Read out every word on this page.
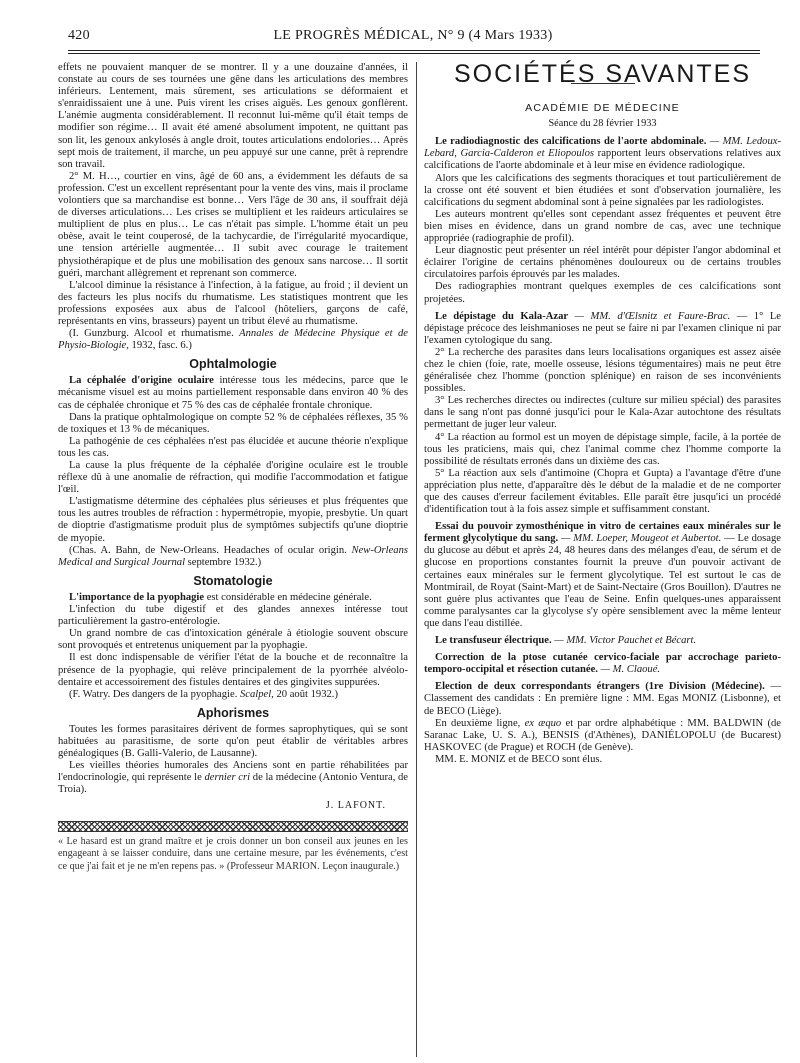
420	LE PROGRÈS MÉDICAL, N° 9 (4 Mars 1933)

effets ne pouvaient manquer de se montrer. Il y a une douzaine d'années, il constate au cours de ses tournées une gêne dans les articulations des membres inférieurs. Lentement, mais sûrement, ses articulations se déformaient et s'enraidissaient une à une. Puis virent les crises aiguës. Les genoux gonflèrent. L'anémie augmenta considérablement. Il reconnut lui-même qu'il était temps de modifier son régime… Il avait été amené absolument impotent, ne quittant pas son lit, les genoux ankylosés à angle droit, toutes articulations endolories… Après sept mois de traitement, il marche, un peu appuyé sur une canne, prêt à reprendre son travail.

2° M. H…, courtier en vins, âgé de 60 ans, a évidemment les défauts de sa profession. C'est un excellent représentant pour la vente des vins, mais il proclame volontiers que sa marchandise est bonne… Vers l'âge de 30 ans, il souffrait déjà de diverses articulations… Les crises se multiplient et les raideurs articulaires se multiplient de plus en plus… Le cas n'était pas simple. L'homme était un peu obèse, avait le teint couperosé, de la tachycardie, de l'irrégularité myocardique, une tension artérielle augmentée… Il subit avec courage le traitement physiothérapique et de plus une mobilisation des genoux sans narcose… Il sortit guéri, marchant allègrement et reprenant son commerce.

L'alcool diminue la résistance à l'infection, à la fatigue, au froid ; il devient un des facteurs les plus nocifs du rhumatisme. Les statistiques montrent que les professions exposées aux abus de l'alcool (hôteliers, garçons de café, représentants en vins, brasseurs) payent un tribut élevé au rhumatisme.

(I. Gunzburg. Alcool et rhumatisme. Annales de Médecine Physique et de Physio-Biologie, 1932, fasc. 6.)

Ophtalmologie

La céphalée d'origine oculaire intéresse tous les médecins, parce que le mécanisme visuel est au moins partiellement responsable dans environ 40 % des cas de céphalée chronique et 75 % des cas de céphalée frontale chronique.

Dans la pratique ophtalmologique on compte 52 % de céphalées réflexes, 35 % de toxiques et 13 % de mécaniques.

La pathogénie de ces céphalées n'est pas élucidée et aucune théorie n'explique tous les cas.

La cause la plus fréquente de la céphalée d'origine oculaire est le trouble réflexe dû à une anomalie de réfraction, qui modifie l'accommodation et fatigue l'œil.

L'astigmatisme détermine des céphalées plus sérieuses et plus fréquentes que tous les autres troubles de réfraction : hypermétropie, myopie, presbytie. Un quart de dioptrie d'astigmatisme produit plus de symptômes subjectifs qu'une dioptrie de myopie.

(Chas. A. Bahn, de New-Orleans. Headaches of ocular origin. New-Orleans Medical and Surgical Journal septembre 1932.)

Stomatologie

L'importance de la pyophagie est considérable en médecine générale.

L'infection du tube digestif et des glandes annexes intéresse tout particulièrement la gastro-entérologie.

Un grand nombre de cas d'intoxication générale à étiologie souvent obscure sont provoqués et entretenus uniquement par la pyophagie.

Il est donc indispensable de vérifier l'état de la bouche et de reconnaître la présence de la pyophagie, qui relève principalement de la pyorrhée alvéolo-dentaire et accessoirement des fistules dentaires et des gingivites suppurées.

(F. Watry. Des dangers de la pyophagie. Scalpel, 20 août 1932.)

Aphorismes

Toutes les formes parasitaires dérivent de formes saprophytiques, qui se sont habituées au parasitisme, de sorte qu'on peut établir de véritables arbres généalogiques (B. Galli-Valerio, de Lausanne).

Les vieilles théories humorales des Anciens sont en partie réhabilitées par l'endocrinologie, qui représente le dernier cri de la médecine (Antonio Ventura, de Troia).

J. LAFONT.

« Le hasard est un grand maître et je crois donner un bon conseil aux jeunes en les engageant à se laisser conduire, dans une certaine mesure, par les événements, c'est ce que j'ai fait et je ne m'en repens pas. » (Professeur MARION. Leçon inaugurale.)

SOCIÉTÉS SAVANTES
ACADÉMIE DE MÉDECINE
Séance du 28 février 1933

Le radiodiagnostic des calcifications de l'aorte abdominale. — MM. Ledoux-Lebard, Garcia-Calderon et Eliopoulos rapportent leurs observations relatives aux calcifications de l'aorte abdominale et à leur mise en évidence radiologique.

Alors que les calcifications des segments thoraciques et tout particulièrement de la crosse ont été souvent et bien étudiées et sont d'observation journalière, les calcifications du segment abdominal sont à peine signalées par les radiologistes.

Les auteurs montrent qu'elles sont cependant assez fréquentes et peuvent être bien mises en évidence, dans un grand nombre de cas, avec une technique appropriée (radiographie de profil).

Leur diagnostic peut présenter un réel intérêt pour dépister l'angor abdominal et éclairer l'origine de certains phénomènes douloureux ou de certains troubles circulatoires parfois éprouvés par les malades.

Des radiographies montrant quelques exemples de ces calcifications sont projetées.

Le dépistage du Kala-Azar — MM. d'Œlsnitz et Faure-Brac. — 1° Le dépistage précoce des leishmanioses ne peut se faire ni par l'examen clinique ni par l'examen cytologique du sang.

2° La recherche des parasites dans leurs localisations organiques est assez aisée chez le chien (foie, rate, moelle osseuse, lésions tégumentaires) mais ne peut être généralisée chez l'homme (ponction splénique) en raison de ses inconvénients possibles.

3° Les recherches directes ou indirectes (culture sur milieu spécial) des parasites dans le sang n'ont pas donné jusqu'ici pour le Kala-Azar autochtone des résultats permettant de juger leur valeur.

4° La réaction au formol est un moyen de dépistage simple, facile, à la portée de tous les praticiens, mais qui, chez l'animal comme chez l'homme comporte la possibilité de résultats erronés dans un dixième des cas.

5° La réaction aux sels d'antimoine (Chopra et Gupta) a l'avantage d'être d'une appréciation plus nette, d'apparaître dès le début de la maladie et de ne comporter que des causes d'erreur facilement évitables. Elle paraît être jusqu'ici un procédé d'identification tout à la fois assez simple et suffisamment constant.

Essai du pouvoir zymosthénique in vitro de certaines eaux minérales sur le ferment glycolytique du sang. — MM. Loeper, Mougeot et Aubertot. — Le dosage du glucose au début et après 24, 48 heures dans des mélanges d'eau, de sérum et de glucose en proportions constantes fournit la preuve d'un pouvoir activant de certaines eaux minérales sur le ferment glycolytique. Tel est surtout le cas de Montmirail, de Royat (Saint-Mart) et de Saint-Nectaire (Gros Bouillon). D'autres ne sont guère plus activantes que l'eau de Seine. Enfin quelques-unes apparaissent comme paralysantes car la glycolyse s'y opère sensiblement avec la même lenteur que dans l'eau distillée.

Le transfuseur électrique. — MM. Victor Pauchet et Bécart.

Correction de la ptose cutanée cervico-faciale par accrochage parieto-temporo-occipital et résection cutanée. — M. Claoué.

Election de deux correspondants étrangers (1re Division (Médecine). — Classement des candidats : En première ligne : MM. Egas MONIZ (Lisbonne), et de BECO (Liège).

En deuxième ligne, ex æquo et par ordre alphabétique : MM. BALDWIN (de Saranac Lake, U. S. A.), BENSIS (d'Athènes), DANIÉLOPOLU (de Bucarest) HASKOVEC (de Prague) et ROCH (de Genève).

MM. E. MONIZ et de BECO sont élus.
